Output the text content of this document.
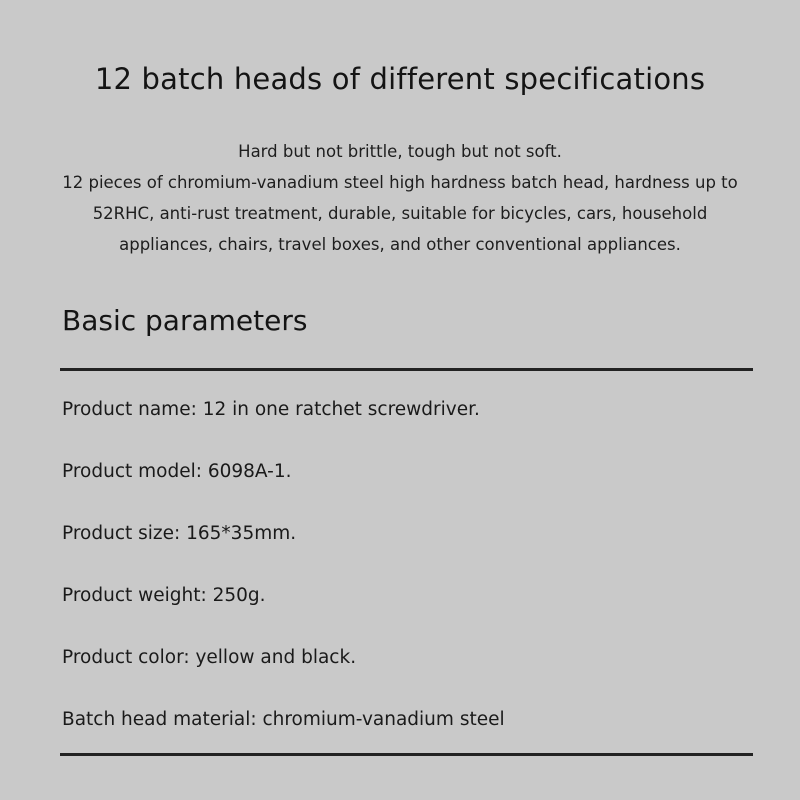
12 batch heads of different specifications
Hard but not brittle, tough but not soft.
12 pieces of chromium-vanadium steel high hardness batch head, hardness up to
52RHC, anti-rust treatment, durable, suitable for bicycles, cars, household
appliances, chairs, travel boxes, and other conventional appliances.
Basic parameters
Product name: 12 in one ratchet screwdriver.
Product model: 6098A-1.
Product size: 165*35mm.
Product weight: 250g.
Product color: yellow and black.
Batch head material: chromium-vanadium steel
